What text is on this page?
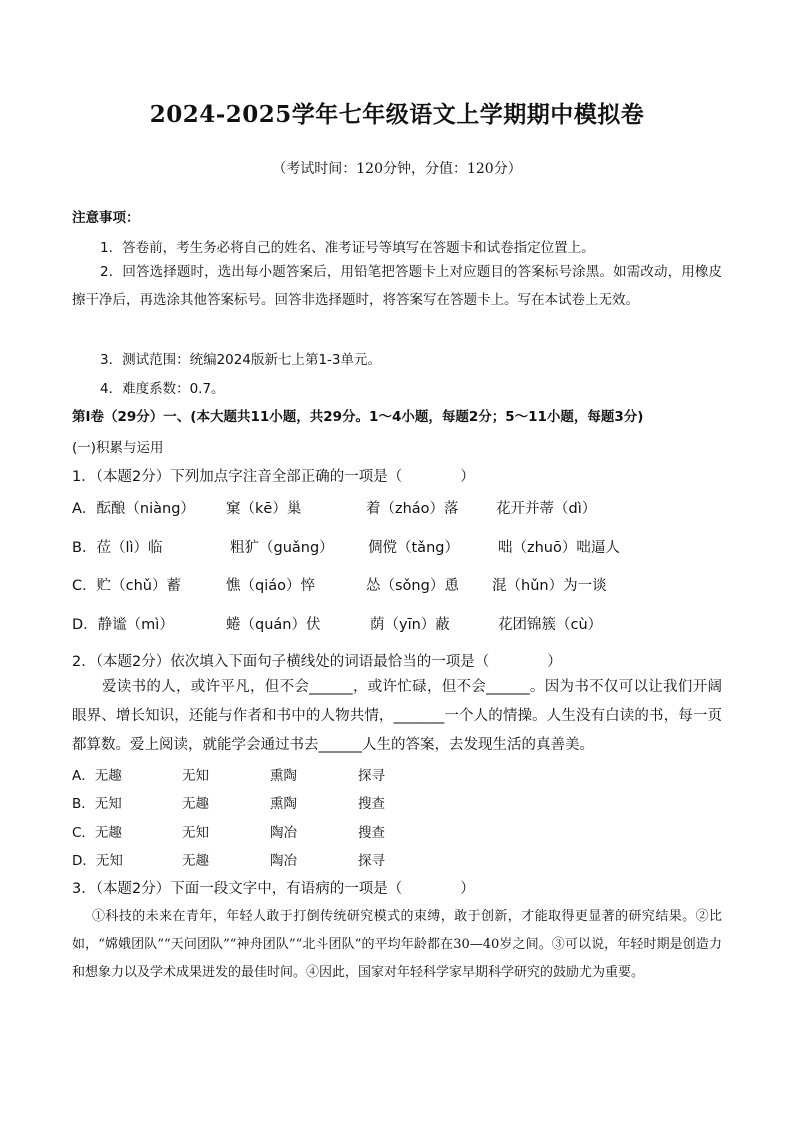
2024-2025学年七年级语文上学期期中模拟卷
（考试时间：120分钟，分值：120分）
注意事项：
1．答卷前，考生务必将自己的姓名、准考证号等填写在答题卡和试卷指定位置上。
2．回答选择题时，选出每小题答案后，用铅笔把答题卡上对应题目的答案标号涂黑。如需改动，用橡皮擦干净后，再选涂其他答案标号。回答非选择题时，将答案写在答题卡上。写在本试卷上无效。
3．测试范围：统编2024版新七上第1-3单元。
4．难度系数：0.7。
第Ⅰ卷（29分）一、(本大题共11小题，共29分。1～4小题，每题2分；5～11小题，每题3分)
(一)积累与运用
1．（本题2分）下列加点字注音全部正确的一项是（　　　　）
A．酝酿（niàng） 窠（kē）巢	着（zháo）落	花开并蒂（dì）
B．莅（lì）临	粗犷（guǎng） 倜傥（tǎng）	咄（zhuō）咄逼人
C．贮（chǔ）蓄	憔（qiáo）悴	怂（sǒng）恿 混（hǔn）为一谈
D．静谧（mì）	蜷（quán）伏	荫（yīn）蔽	花团锦簇（cù）
2．（本题2分）依次填入下面句子横线处的词语最恰当的一项是（　　　　）
爱读书的人，或许平凡，但不会______，或许忙碌，但不会______。因为书不仅可以让我们开阔眼界、增长知识，还能与作者和书中的人物共情，_______一个人的情操。人生没有白读的书，每一页都算数。爱上阅读，就能学会通过书去______人生的答案，去发现生活的真善美。
A．无趣	无知	熏陶	探寻
B．无知	无趣	熏陶	搜查
C．无趣	无知	陶冶	搜查
D．无知	无趣	陶冶	探寻
3．（本题2分）下面一段文字中，有语病的一项是（　　　　）
①科技的未来在青年，年轻人敢于打倒传统研究模式的束缚，敢于创新，才能取得更显著的研究结果。②比如，“嫦娥团队”“天问团队”“神舟团队”“北斗团队”的平均年龄都在30—40岁之间。③可以说，年轻时期是创造力和想象力以及学术成果迸发的最佳时间。④因此，国家对年轻科学家早期科学研究的鼓励尤为重要。
